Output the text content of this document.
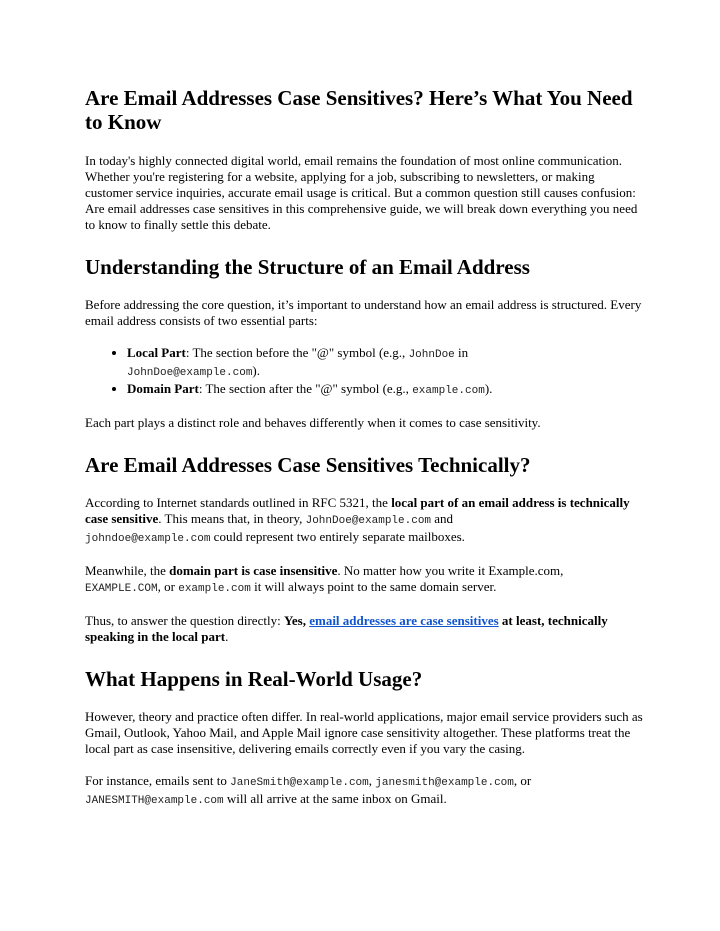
Are Email Addresses Case Sensitives? Here’s What You Need to Know

In today's highly connected digital world, email remains the foundation of most online communication. Whether you're registering for a website, applying for a job, subscribing to newsletters, or making customer service inquiries, accurate email usage is critical. But a common question still causes confusion: Are email addresses case sensitives in this comprehensive guide, we will break down everything you need to know to finally settle this debate.

Understanding the Structure of an Email Address

Before addressing the core question, it’s important to understand how an email address is structured. Every email address consists of two essential parts:

• Local Part: The section before the "@" symbol (e.g., JohnDoe in
JohnDoe@example.com).
• Domain Part: The section after the "@" symbol (e.g., example.com).

Each part plays a distinct role and behaves differently when it comes to case sensitivity.

Are Email Addresses Case Sensitives Technically?

According to Internet standards outlined in RFC 5321, the local part of an email address is technically case sensitive. This means that, in theory, JohnDoe@example.com and
johndoe@example.com could represent two entirely separate mailboxes.

Meanwhile, the domain part is case insensitive. No matter how you write it Example.com,
EXAMPLE.COM, or example.com it will always point to the same domain server.

Thus, to answer the question directly: Yes, email addresses are case sensitives at least, technically speaking in the local part.

What Happens in Real-World Usage?

However, theory and practice often differ. In real-world applications, major email service providers such as Gmail, Outlook, Yahoo Mail, and Apple Mail ignore case sensitivity altogether. These platforms treat the local part as case insensitive, delivering emails correctly even if you vary the casing.

For instance, emails sent to JaneSmith@example.com, janesmith@example.com, or
JANESMITH@example.com will all arrive at the same inbox on Gmail.
